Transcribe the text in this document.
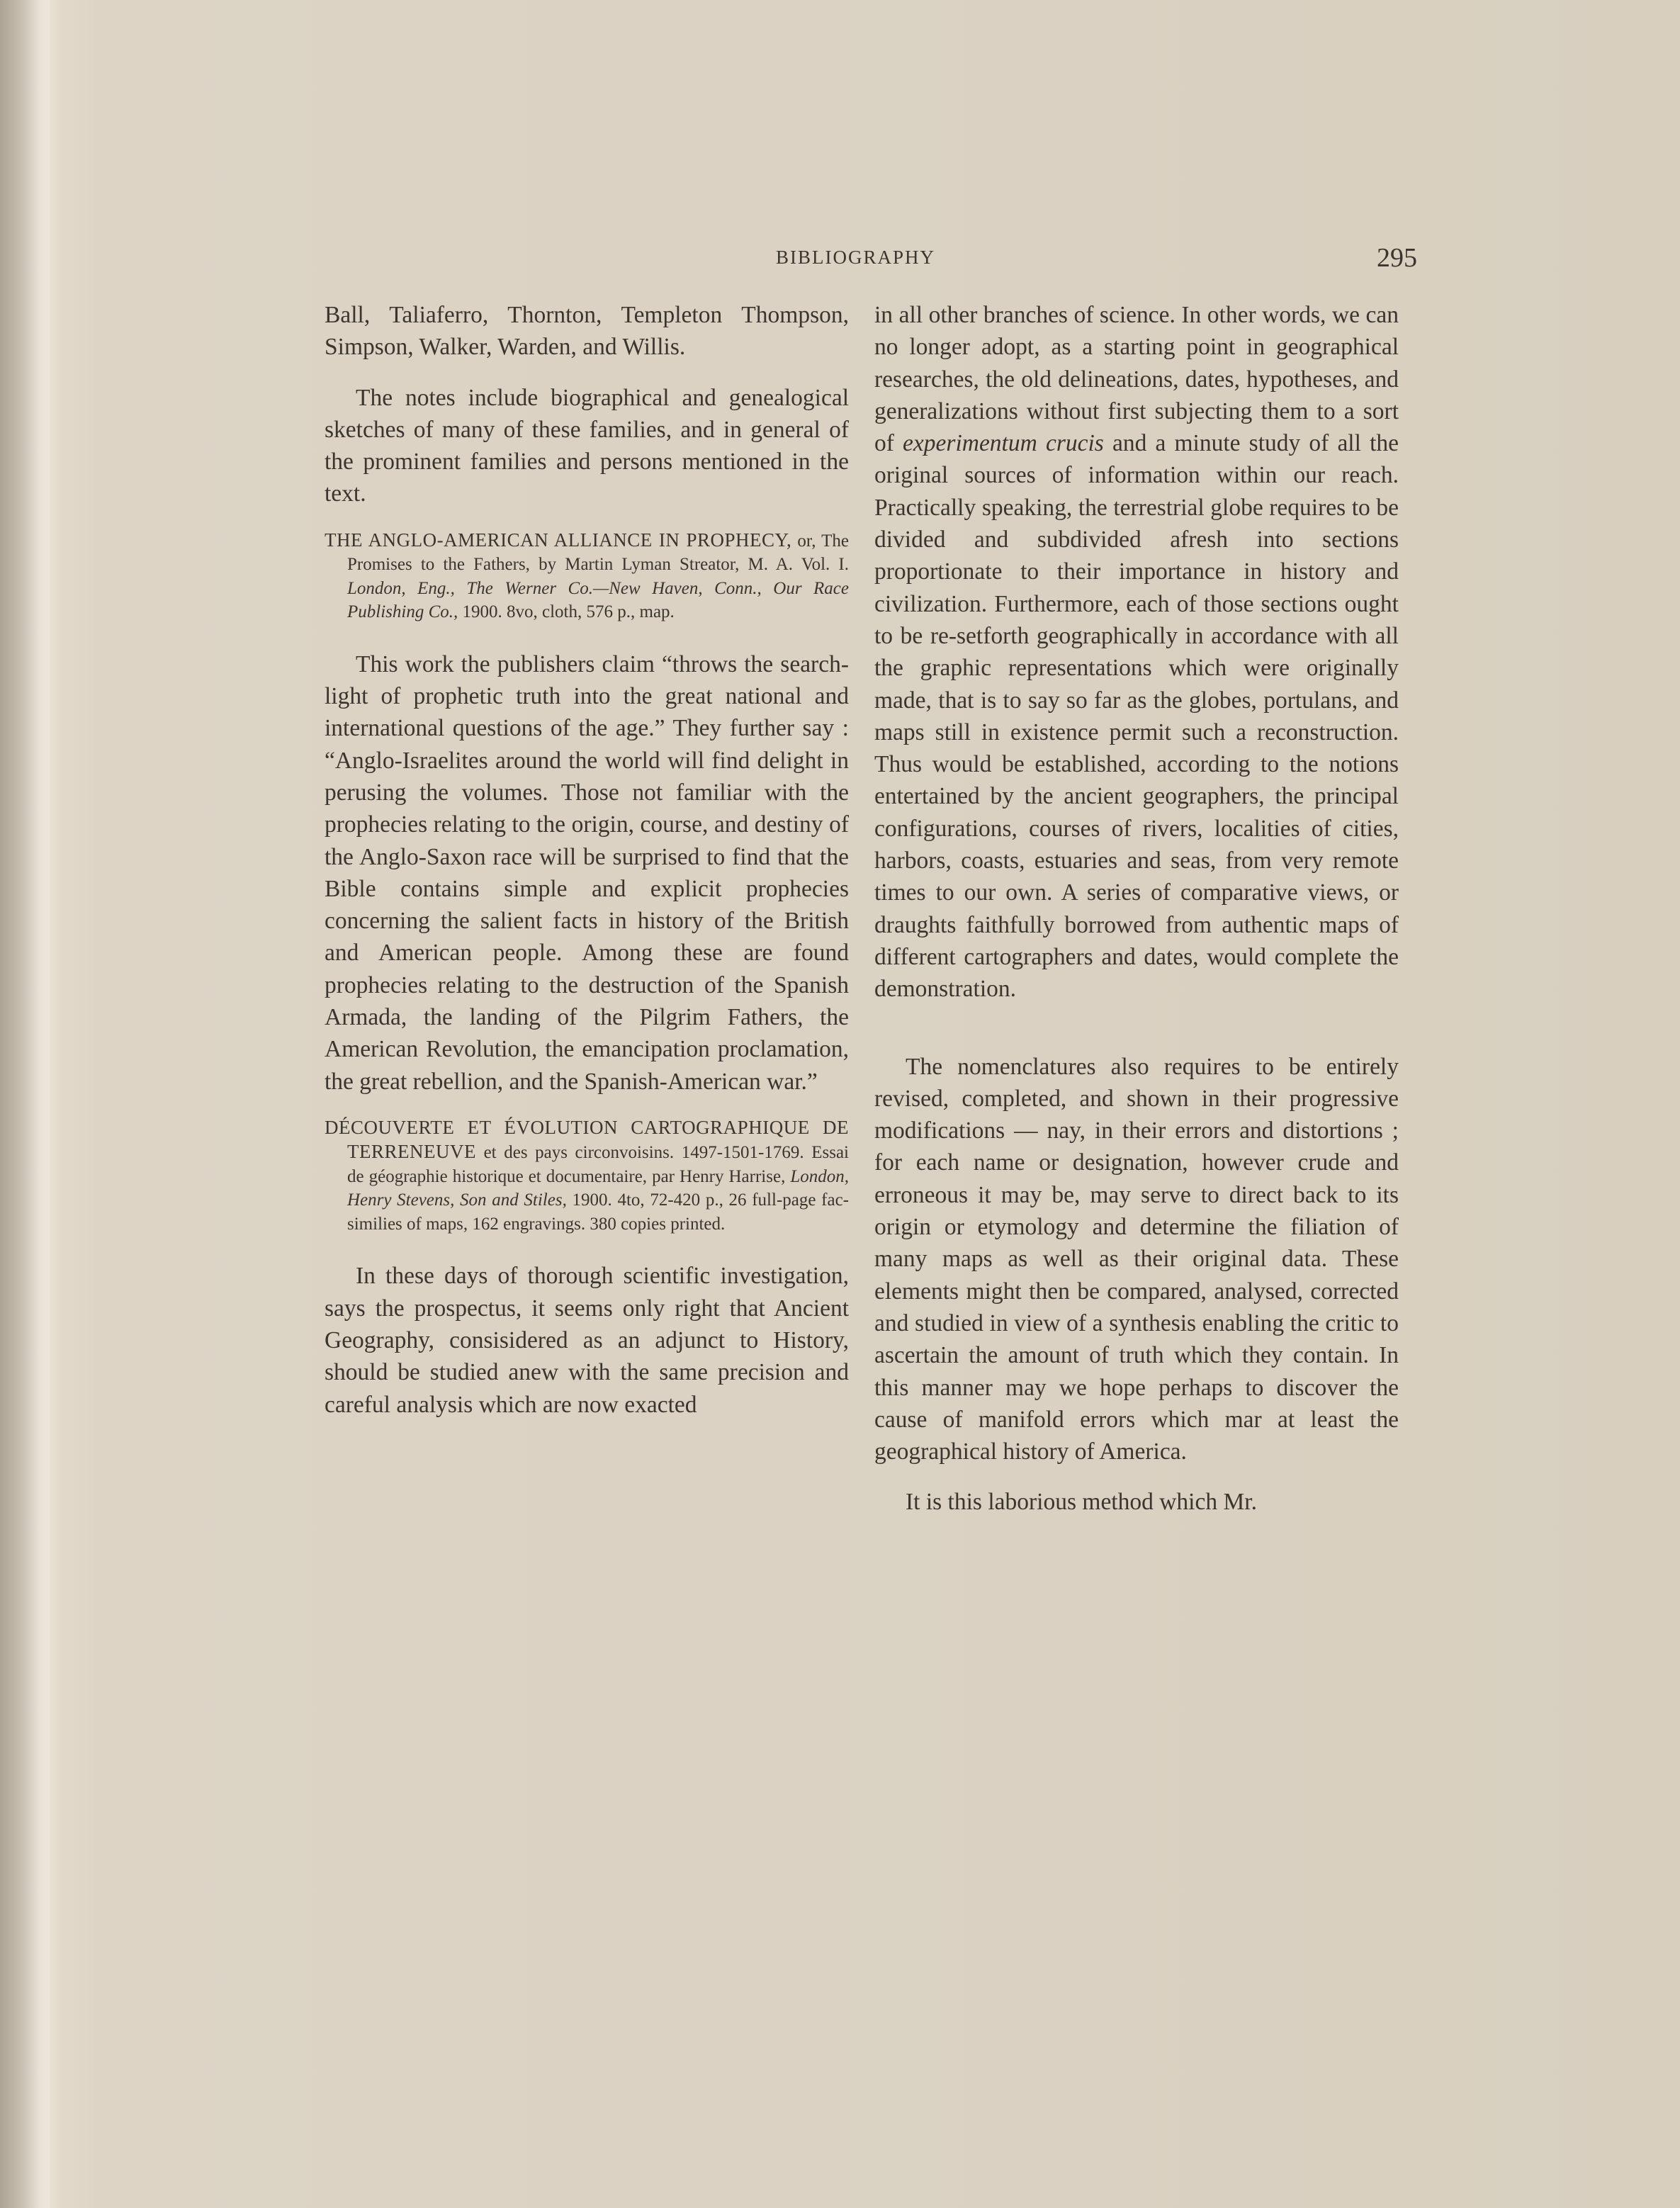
BIBLIOGRAPHY	295

Ball, Taliaferro, Thornton, Templeton Thompson, Simpson, Walker, Warden, and Willis.

The notes include biographical and genealogical sketches of many of these families, and in general of the prominent families and persons mentioned in the text.

THE ANGLO-AMERICAN ALLIANCE IN PROPHECY, or, The Promises to the Fathers, by Martin Lyman Streator, M. A. Vol. I. London, Eng., The Werner Co.—New Haven, Conn., Our Race Publishing Co., 1900. 8vo, cloth, 576 p., map.

This work the publishers claim “throws the search-light of prophetic truth into the great national and international questions of the age.” They further say : “Anglo-Israelites around the world will find delight in perusing the volumes. Those not familiar with the prophecies relating to the origin, course, and destiny of the Anglo-Saxon race will be surprised to find that the Bible contains simple and explicit prophecies concerning the salient facts in history of the British and American people. Among these are found prophecies relating to the destruction of the Spanish Armada, the landing of the Pilgrim Fathers, the American Revolution, the emancipation proclamation, the great rebellion, and the Spanish-American war.”

DÉCOUVERTE ET ÉVOLUTION CARTOGRAPHIQUE DE TERRENEUVE et des pays circonvoisins. 1497-1501-1769. Essai de géographie historique et documentaire, par Henry Harrise, London, Henry Stevens, Son and Stiles, 1900. 4to, 72-420 p., 26 full-page fac-similies of maps, 162 engravings. 380 copies printed.

In these days of thorough scientific investigation, says the prospectus, it seems only right that Ancient Geography, consisidered as an adjunct to History, should be studied anew with the same precision and careful analysis which are now exacted

in all other branches of science. In other words, we can no longer adopt, as a starting point in geographical researches, the old delineations, dates, hypotheses, and generalizations without first subjecting them to a sort of experimentum crucis and a minute study of all the original sources of information within our reach. Practically speaking, the terrestrial globe requires to be divided and subdivided afresh into sections proportionate to their importance in history and civilization. Furthermore, each of those sections ought to be re-setforth geographically in accordance with all the graphic representations which were originally made, that is to say so far as the globes, portulans, and maps still in existence permit such a reconstruction. Thus would be established, according to the notions entertained by the ancient geographers, the principal configurations, courses of rivers, localities of cities, harbors, coasts, estuaries and seas, from very remote times to our own. A series of comparative views, or draughts faithfully borrowed from authentic maps of different cartographers and dates, would complete the demonstration.

The nomenclatures also requires to be entirely revised, completed, and shown in their progressive modifications — nay, in their errors and distortions ; for each name or designation, however crude and erroneous it may be, may serve to direct back to its origin or etymology and determine the filiation of many maps as well as their original data. These elements might then be compared, analysed, corrected and studied in view of a synthesis enabling the critic to ascertain the amount of truth which they contain. In this manner may we hope perhaps to discover the cause of manifold errors which mar at least the geographical history of America.

It is this laborious method which Mr.
